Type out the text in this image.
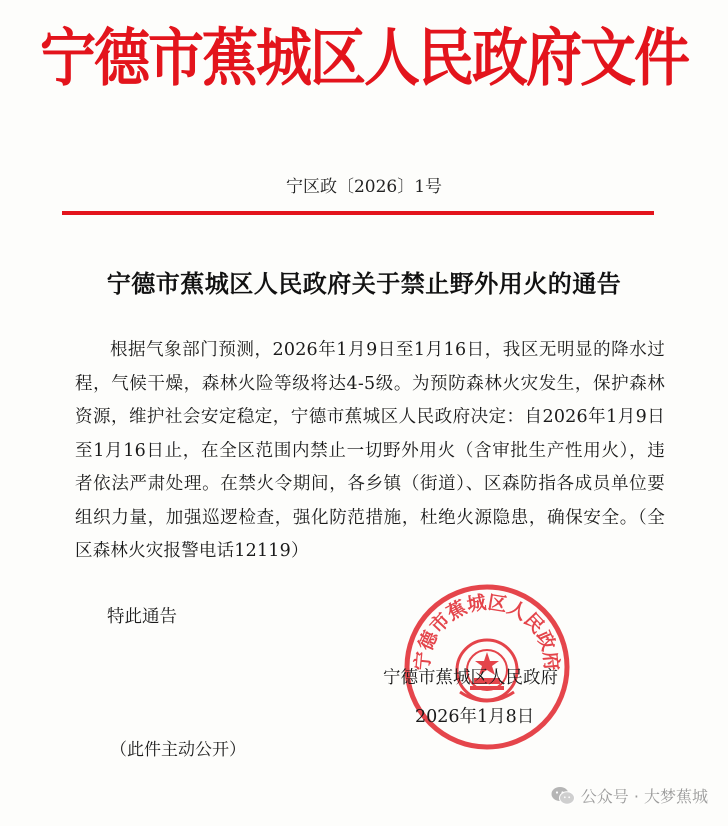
宁德市蕉城区人民政府文件
宁区政〔2026〕1号
宁德市蕉城区人民政府关于禁止野外用火的通告

根据气象部门预测，2026年1月9日至1月16日，我区无明显的降水过程，气候干燥，森林火险等级将达4-5级。为预防森林火灾发生，保护森林资源，维护社会安定稳定，宁德市蕉城区人民政府决定：自2026年1月9日至1月16日止，在全区范围内禁止一切野外用火（含审批生产性用火），违者依法严肃处理。在禁火令期间，各乡镇（街道）、区森防指各成员单位要组织力量，加强巡逻检查，强化防范措施，杜绝火源隐患，确保安全。（全区森林火灾报警电话12119）

特此通告
宁德市蕉城区人民政府
宁德市蕉城区人民政府
2026年1月8日
（此件主动公开）
公众号 · 大梦蕉城
